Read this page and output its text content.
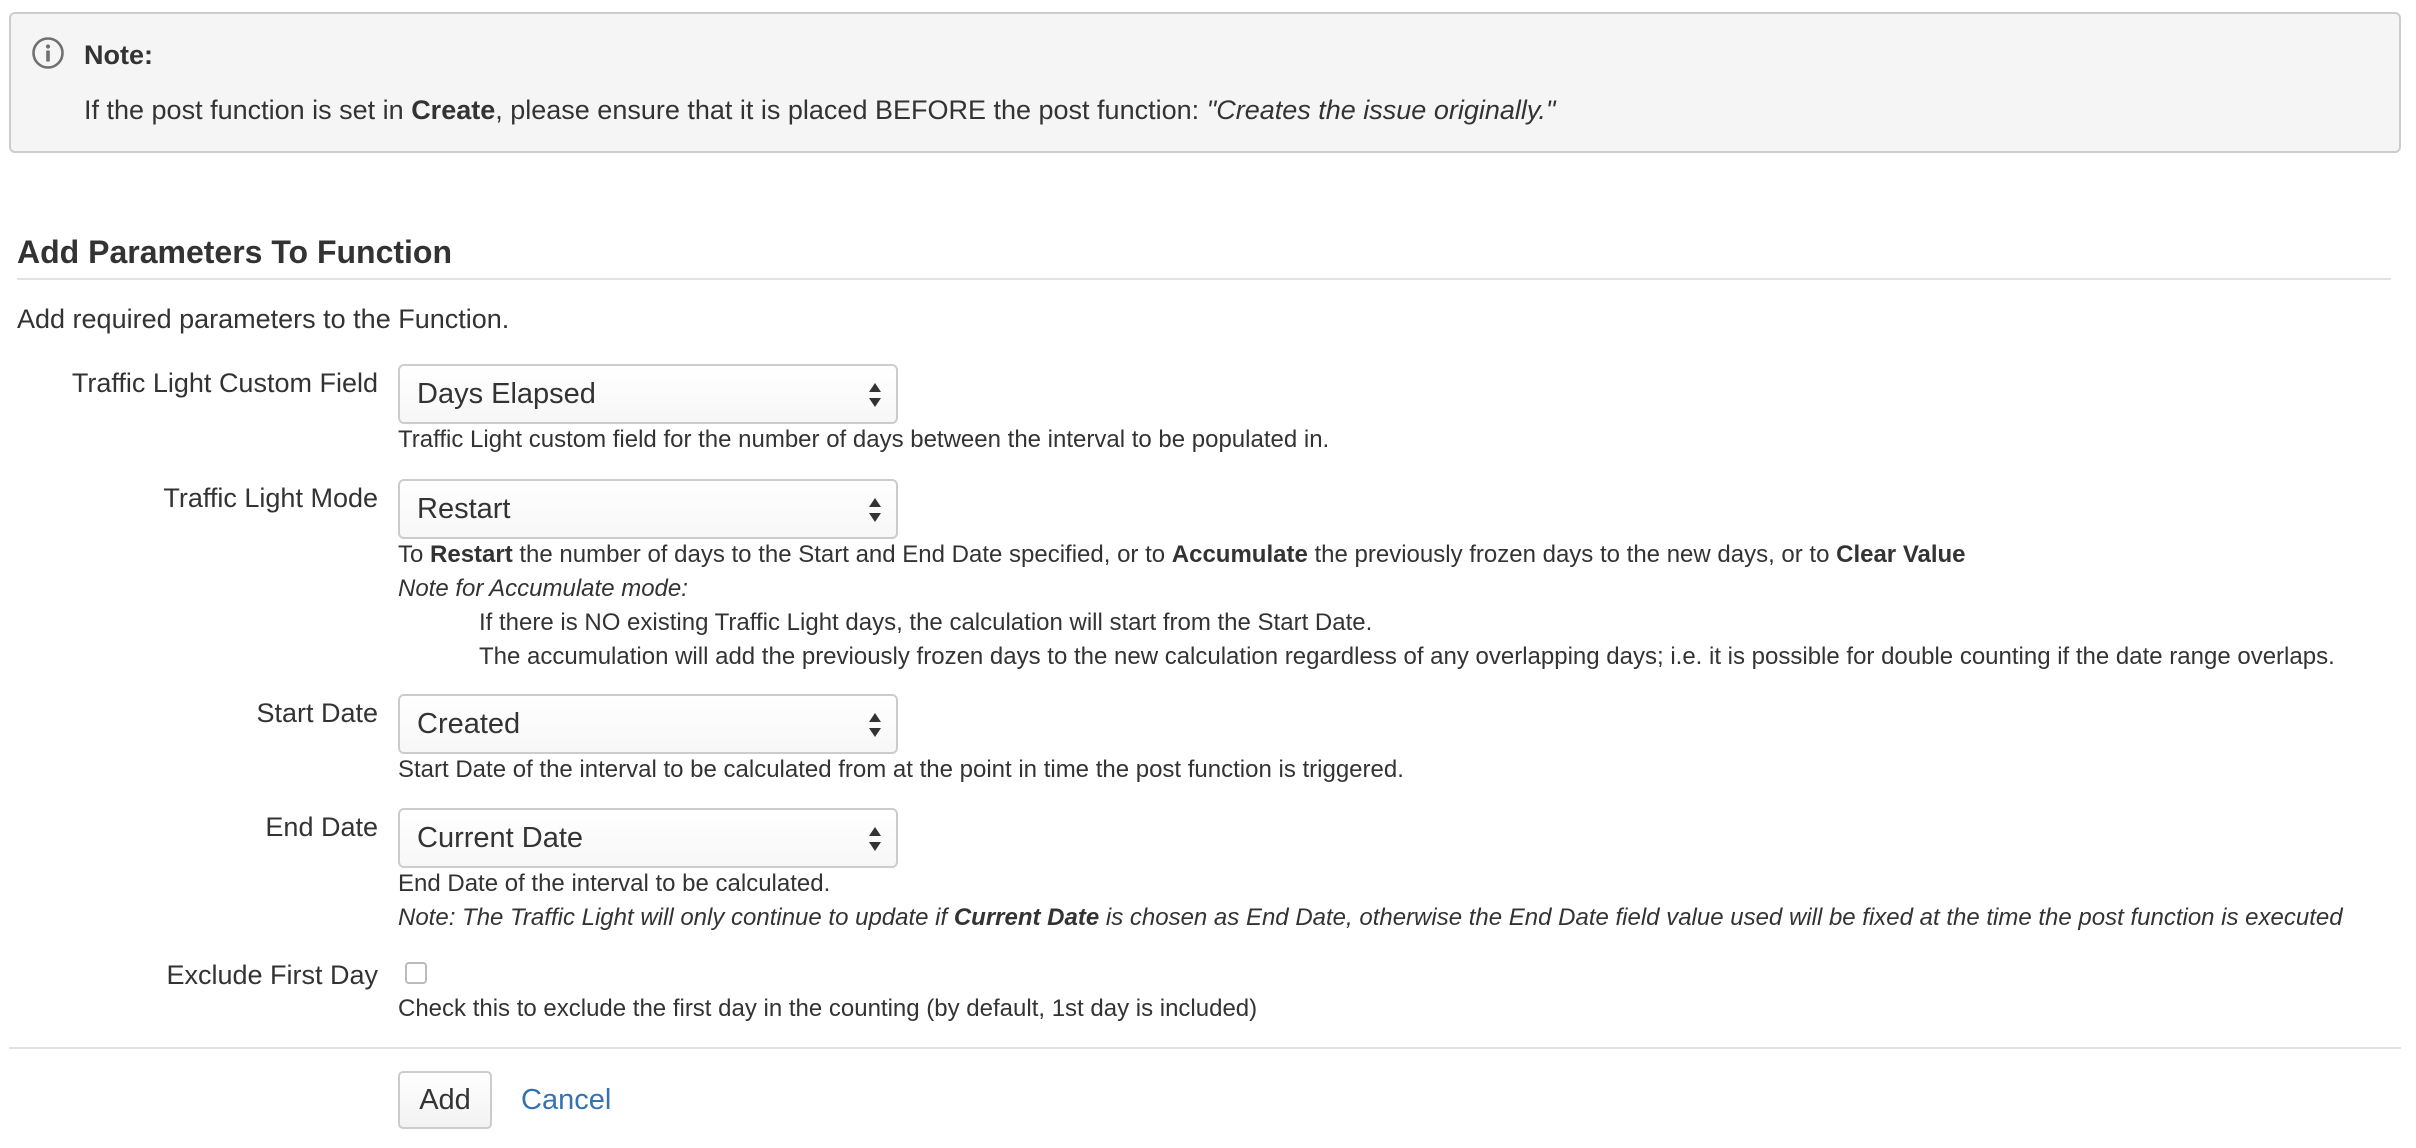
Note:
If the post function is set in Create, please ensure that it is placed BEFORE the post function: "Creates the issue originally."
Add Parameters To Function
Add required parameters to the Function.
Traffic Light Custom Field	Days Elapsed
Traffic Light custom field for the number of days between the interval to be populated in.
Traffic Light Mode	Restart
To Restart the number of days to the Start and End Date specified, or to Accumulate the previously frozen days to the new days, or to Clear Value
Note for Accumulate mode:
If there is NO existing Traffic Light days, the calculation will start from the Start Date.
The accumulation will add the previously frozen days to the new calculation regardless of any overlapping days; i.e. it is possible for double counting if the date range overlaps.
Start Date	Created
Start Date of the interval to be calculated from at the point in time the post function is triggered.
End Date	Current Date
End Date of the interval to be calculated.
Note: The Traffic Light will only continue to update if Current Date is chosen as End Date, otherwise the End Date field value used will be fixed at the time the post function is executed
Exclude First Day
Check this to exclude the first day in the counting (by default, 1st day is included)
Add	Cancel
